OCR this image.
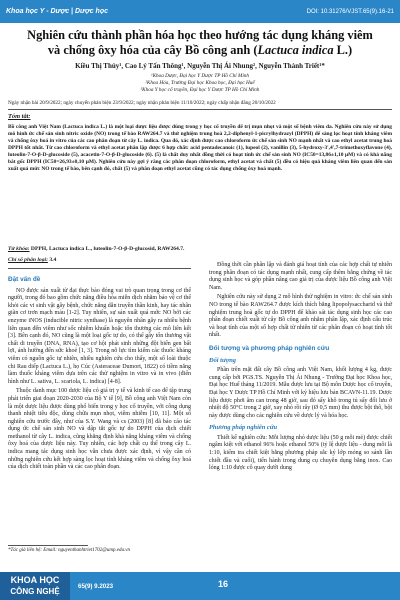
Khoa học Y - Dược | Dược học	DOI: 10.31276/VJST.65(9).16-21
Nghiên cứu thành phần hóa học theo hướng tác dụng kháng viêm và chống ôxy hóa của cây Bồ công anh (Lactuca indica L.)
Kiều Thị Thúy¹, Cao Lý Tấn Thông¹, Nguyễn Thị Ái Nhung², Nguyễn Thành Triết¹*
¹Khoa Dược, Đại học Y Dược TP Hồ Chí Minh
²Khoa Hóa, Trường Đại học Khoa học, Đại học Huế
³Khoa Y học cổ truyền, Đại học Y Dược TP Hồ Chí Minh
Ngày nhận bài 20/9/2022; ngày chuyển phản biện 23/9/2022; ngày nhận phản biện 11/10/2022; ngày chấp nhận đăng 20/10/2022
Tóm tắt:

Bồ công anh Việt Nam (Lactuca indica L.) là một loại dược liệu được dùng trong y học cổ truyền để trị mụn nhọt và một số bệnh viêm da. Nghiên cứu này sử dụng mô hình ức chế sản sinh nitric oxide (NO) trong tế bào RAW264.7 và thử nghiệm trung hoà 2,2-diphenyl-1-picrylhydrazyl (DPPH) để sàng lọc hoạt tính kháng viêm và chống ôxy hoá in vitro của các cao phân đoạn từ cây L. indica. Qua đó, xác định được cao chloroform ức chế sản sinh NO mạnh nhất và cao ethyl acetat trung hoà DPPH tốt nhất. Từ cao chloroform và ethyl acetat phân lập được 6 hợp chất: acid pentadecanoic (1), lupeol (2), vanillin (3), 5-hydroxy-3',4',7-trimethoxyflavone (4), luteolin-7-O-β-D-glucoside (5), acacetin-7-O-β-D-glucoside (6). (5) là chất duy nhất đồng thời có hoạt tính ức chế sản sinh NO (IC50=13,86±1,10 μM) và có khả năng bắt gốc DPPH (IC50=26,93±0,10 μM). Nghiên cứu này gợi ý rằng các phân đoạn chloroform, ethyl acetat và chất (5) đều có hiệu quả kháng viêm liên quan đến sản xuất quá mức NO trong tế bào, bên cạnh đó, chất (5) và phân đoạn ethyl acetat cũng có tác dụng chống ôxy hoá mạnh.

Từ khóa: DPPH, Lactuca indica L., luteolin-7-O-β-D-glucosid, RAW264.7.
Chỉ số phân loại: 3.4
Đặt vấn đề

NO được sản xuất từ đại thực bào đóng vai trò quan trọng trong cơ thể người, trong đó bao gồm chức năng điều hòa miễn dịch nhằm bảo vệ cơ thể khỏi các vi sinh vật gây bệnh, chức năng dẫn truyền thần kinh, hay tác nhân giãn cơ trơn mạch máu [1-2]. Tuy nhiên, sự sản xuất quá mức NO bởi các enzyme iNOS (inducible nitric synthase) là nguyên nhân gây ra nhiều bệnh liên quan đến viêm như sốc nhiễm khuẩn hoặc tổn thương các mô liên kết [3]. Bên cạnh đó, NO cũng là một loại gốc tự do, có thể gây tổn thương vật chất di truyền (DNA, RNA), tạo cơ hội phát sinh những đột biến gen bất lợi, ảnh hưởng đến sức khoẻ [1, 3]. Trong nỗ lực tìm kiếm các thuốc kháng viêm có nguồn gốc tự nhiên, nhiều nghiên cứu cho thấy, một số loài thuộc chi Rau diếp (Lactuca L.), họ Cúc (Asteraceae Dumort, 1822) có tiềm năng làm thuốc kháng viêm dựa trên các thử nghiệm in vitro và in vivo (điển hình như L. sativa, L. scariola, L. indica) [4-8].

Thuộc danh mục 100 dược liệu có giá trị y tế và kinh tế cao để tập trung phát triển giai đoạn 2020-2030 của Bộ Y tế [9], Bồ công anh Việt Nam còn là một dược liệu được dùng phổ biến trong y học cổ truyền, với công dụng thanh nhiệt tiêu độc, dùng chữa mụn nhọt, viêm nhiễm [10, 11]. Một số nghiên cứu trước đây, như của S.Y. Wang và cs (2003) [8] đã báo cáo tác dụng ức chế sản sinh NO và dập tắt gốc tự do DPPH của dịch chiết methanol từ cây L. indica, cũng khẳng định khả năng kháng viêm và chống ôxy hoá của dược liệu này. Tuy nhiên, các hợp chất cụ thể trong cây L. indica mang tác dụng sinh học vẫn chưa được xác định, vì vậy cần có những nghiên cứu kết hợp sàng lọc hoạt tính kháng viêm và chống ôxy hoá của dịch chiết toàn phần và các cao phân đoạn.

Đồng thời cần phân lập và đánh giá hoạt tính của các hợp chất tự nhiên trong phân đoạn có tác dụng mạnh nhất, cung cấp thêm bằng chứng về tác dụng sinh học và góp phần nâng cao giá trị của dược liệu Bồ công anh Việt Nam.

Nghiên cứu này sử dụng 2 mô hình thử nghiệm in vitro: ức chế sản sinh NO trong tế bào RAW264.7 được kích thích bằng lipopolysaccharid và thử nghiệm trung hoà gốc tự do DPPH để khảo sát tác dụng sinh học các cao phân đoạn chiết xuất từ cây Bồ công anh nhằm phân lập, xác định cấu trúc và hoạt tính của một số hợp chất từ nhiên từ các phân đoạn có hoạt tính tốt nhất.

Đối tượng và phương pháp nghiên cứu
Đối tượng

Phần trên mặt đất cây Bồ công anh Việt Nam, khối lượng 4 kg, được cung cấp bởi PGS.TS. Nguyễn Thị Ái Nhung - Trường Đại học Khoa học, Đại học Huế tháng 11/2019. Mẫu được lưu tại Bộ môn Dược học cổ truyền, Đại học Y Dược TP Hồ Chí Minh với ký hiệu lưu bản BCAVN-11.19. Dược liệu được phơi âm can trong 48 giờ, sau đó sấy khô trong tủ sấy đối lưu ở nhiệt độ 50°C trong 2 giờ, xay nhỏ rồi rây (Ø 0,5 mm) thu được bột thô, bột này được dùng cho các nghiên cứu về dược lý và hóa học.

Phương pháp nghiên cứu

Thiết kế nghiên cứu: Mỗi lượng nhỏ dược liệu (50 g mỗi mẻ) được chiết ngâm kiệt với ethanol 96% hoặc ethanol 50% (tỷ lệ dược liệu - dung môi là 1:10, kiểm tra chiết kiệt bằng phương pháp sắc ký lớp mỏng so sánh lần chiết đầu và cuối), tiến hành trong dung cụ chuyên dụng bằng inox. Cao lỏng 1:10 được cô quay dưới dung

*Tác giả liên hệ: Email: nguyenthanhtriet1702@ump.edu.vn
KHOA HỌC
CÔNG NGHỆ
65(9) 9.2023	16
